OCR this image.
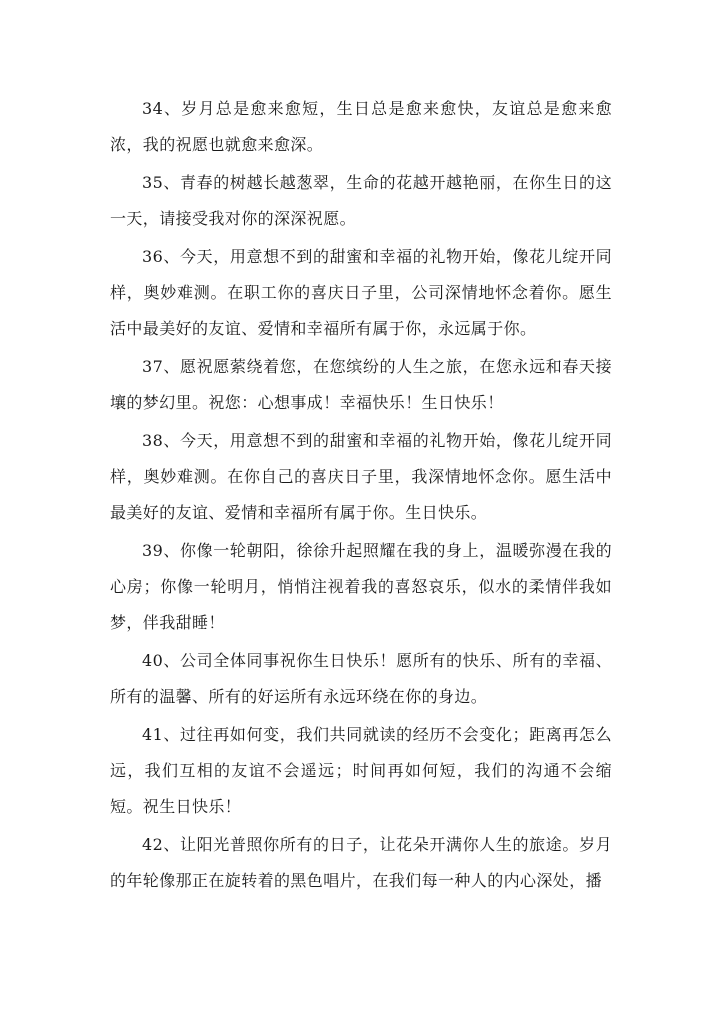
34、岁月总是愈来愈短，生日总是愈来愈快，友谊总是愈来愈浓，我的祝愿也就愈来愈深。

35、青春的树越长越葱翠，生命的花越开越艳丽，在你生日的这一天，请接受我对你的深深祝愿。

36、今天，用意想不到的甜蜜和幸福的礼物开始，像花儿绽开同样，奥妙难测。在职工你的喜庆日子里，公司深情地怀念着你。愿生活中最美好的友谊、爱情和幸福所有属于你，永远属于你。

37、愿祝愿萦绕着您，在您缤纷的人生之旅，在您永远和春天接壤的梦幻里。祝您：心想事成！幸福快乐！生日快乐！

38、今天，用意想不到的甜蜜和幸福的礼物开始，像花儿绽开同样，奥妙难测。在你自己的喜庆日子里，我深情地怀念你。愿生活中最美好的友谊、爱情和幸福所有属于你。生日快乐。

39、你像一轮朝阳，徐徐升起照耀在我的身上，温暖弥漫在我的心房；你像一轮明月，悄悄注视着我的喜怒哀乐，似水的柔情伴我如梦，伴我甜睡！

40、公司全体同事祝你生日快乐！愿所有的快乐、所有的幸福、所有的温馨、所有的好运所有永远环绕在你的身边。

41、过往再如何变，我们共同就读的经历不会变化；距离再怎么远，我们互相的友谊不会遥远；时间再如何短，我们的沟通不会缩短。祝生日快乐！

42、让阳光普照你所有的日子，让花朵开满你人生的旅途。岁月的年轮像那正在旋转着的黑色唱片，在我们每一种人的内心深处，播
